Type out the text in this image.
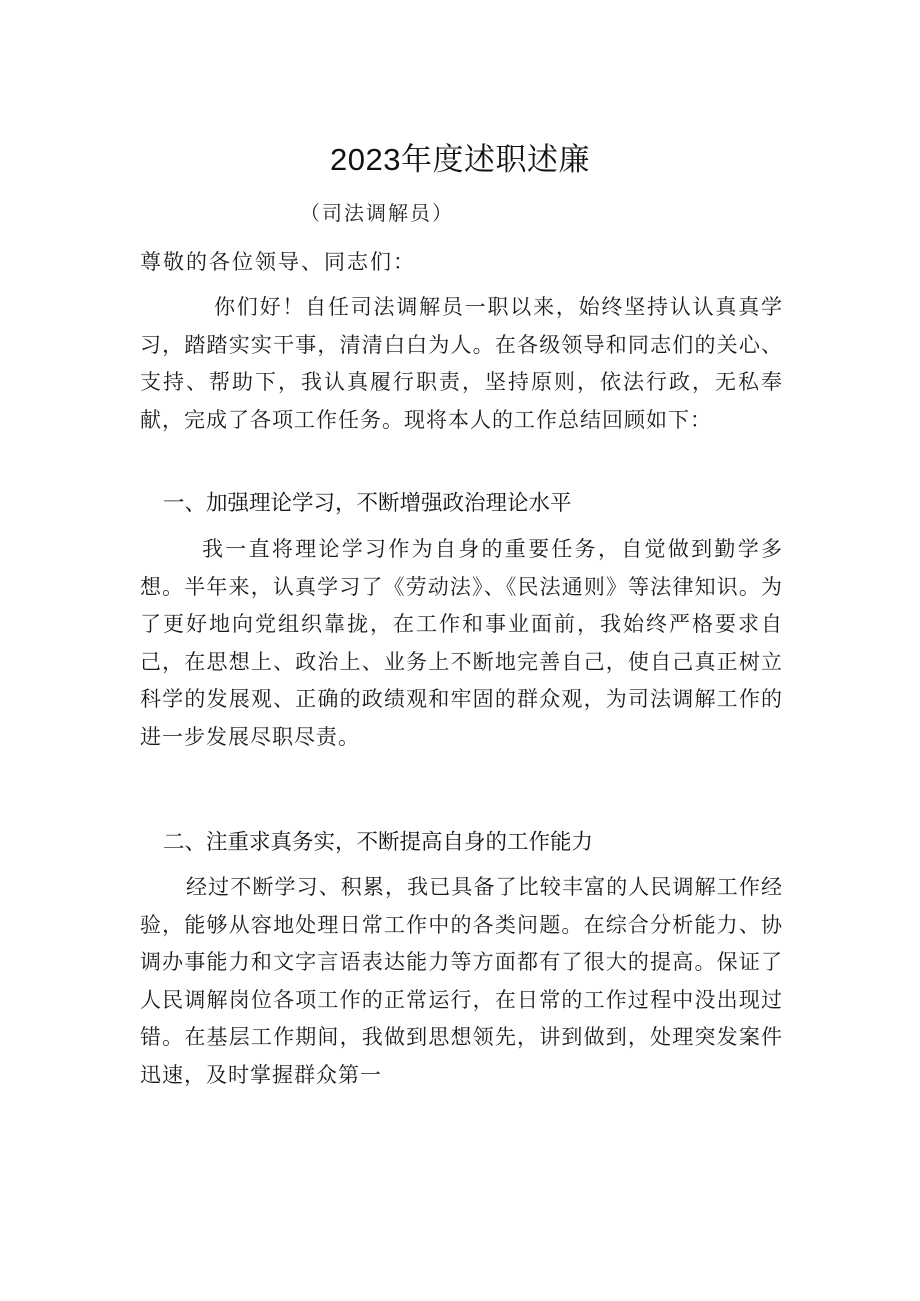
2023年度述职述廉
（司法调解员）
尊敬的各位领导、同志们：

你们好！自任司法调解员一职以来，始终坚持认认真真学习，踏踏实实干事，清清白白为人。在各级领导和同志们的关心、支持、帮助下，我认真履行职责，坚持原则，依法行政，无私奉献，完成了各项工作任务。现将本人的工作总结回顾如下：

一、加强理论学习，不断增强政治理论水平

我一直将理论学习作为自身的重要任务，自觉做到勤学多想。半年来，认真学习了《劳动法》、《民法通则》等法律知识。为了更好地向党组织靠拢，在工作和事业面前，我始终严格要求自己，在思想上、政治上、业务上不断地完善自己，使自己真正树立科学的发展观、正确的政绩观和牢固的群众观，为司法调解工作的进一步发展尽职尽责。

二、注重求真务实，不断提高自身的工作能力

经过不断学习、积累，我已具备了比较丰富的人民调解工作经验，能够从容地处理日常工作中的各类问题。在综合分析能力、协调办事能力和文字言语表达能力等方面都有了很大的提高。保证了人民调解岗位各项工作的正常运行，在日常的工作过程中没出现过错。在基层工作期间，我做到思想领先，讲到做到，处理突发案件迅速，及时掌握群众第一
